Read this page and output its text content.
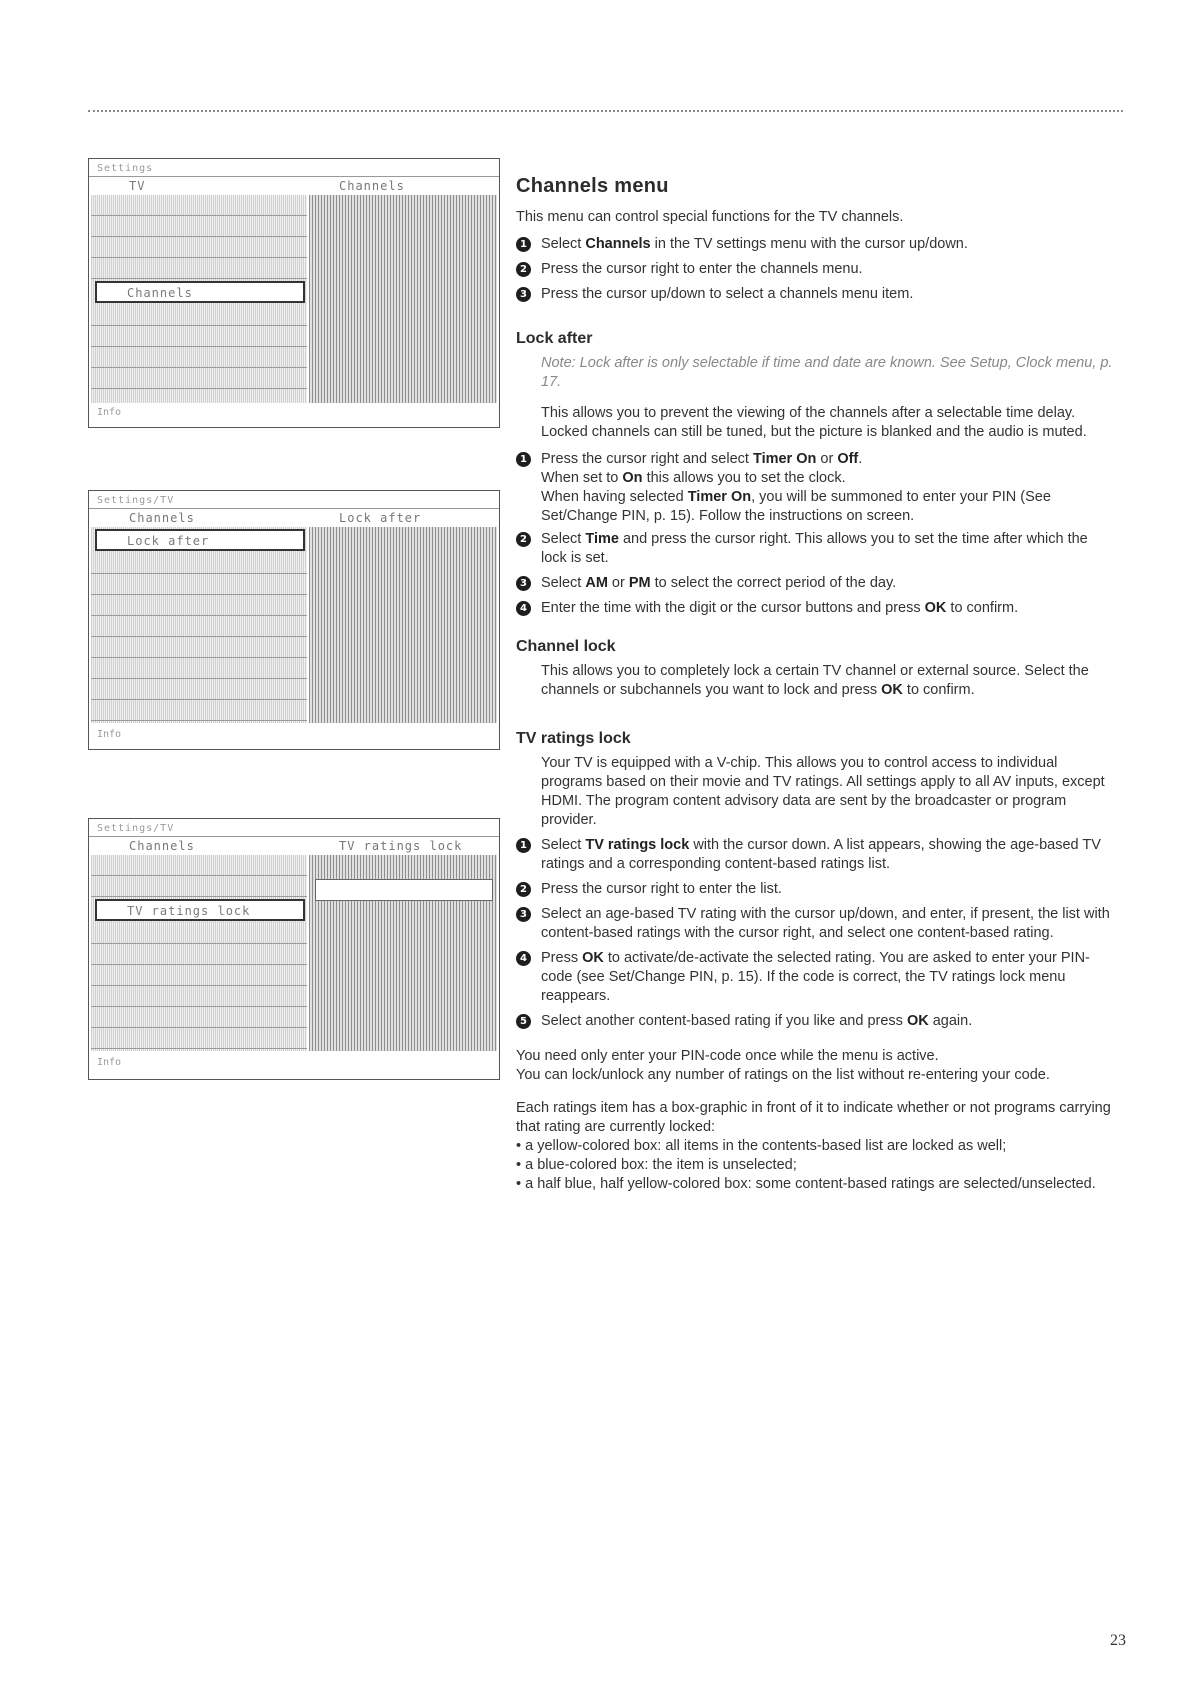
Settings
TV	Channels
Channels
Info
Settings/TV
Channels	Lock after
Lock after
Info
Settings/TV
Channels	TV ratings lock
TV ratings lock
Info
Channels menu

This menu can control special functions for the TV channels.

1 Select Channels in the TV settings menu with the cursor up/down.
2 Press the cursor right to enter the channels menu.
3 Press the cursor up/down to select a channels menu item.
Lock after

Note: Lock after is only selectable if time and date are known. See Setup, Clock menu, p. 17.

This allows you to prevent the viewing of the channels after a selectable time delay. Locked channels can still be tuned, but the picture is blanked and the audio is muted.

1 Press the cursor right and select Timer On or Off.
When set to On this allows you to set the clock.
When having selected Timer On, you will be summoned to enter your PIN (See Set/Change PIN, p. 15). Follow the instructions on screen.
2 Select Time and press the cursor right. This allows you to set the time after which the lock is set.
3 Select AM or PM to select the correct period of the day.
4 Enter the time with the digit or the cursor buttons and press OK to confirm.
Channel lock

This allows you to completely lock a certain TV channel or external source. Select the channels or subchannels you want to lock and press OK to confirm.

TV ratings lock

Your TV is equipped with a V-chip. This allows you to control access to individual programs based on their movie and TV ratings. All settings apply to all AV inputs, except HDMI. The program content advisory data are sent by the broadcaster or program provider.

1 Select TV ratings lock with the cursor down. A list appears, showing the age-based TV ratings and a corresponding content-based ratings list.
2 Press the cursor right to enter the list.
3 Select an age-based TV rating with the cursor up/down, and enter, if present, the list with content-based ratings with the cursor right, and select one content-based rating.
4 Press OK to activate/de-activate the selected rating. You are asked to enter your PIN-code (see Set/Change PIN, p. 15). If the code is correct, the TV ratings lock menu reappears.
5 Select another content-based rating if you like and press OK again.

You need only enter your PIN-code once while the menu is active.

You can lock/unlock any number of ratings on the list without re-entering your code.

Each ratings item has a box-graphic in front of it to indicate whether or not programs carrying that rating are currently locked:

• a yellow-colored box: all items in the contents-based list are locked as well;

• a blue-colored box: the item is unselected;

• a half blue, half yellow-colored box: some content-based ratings are selected/unselected.

23
